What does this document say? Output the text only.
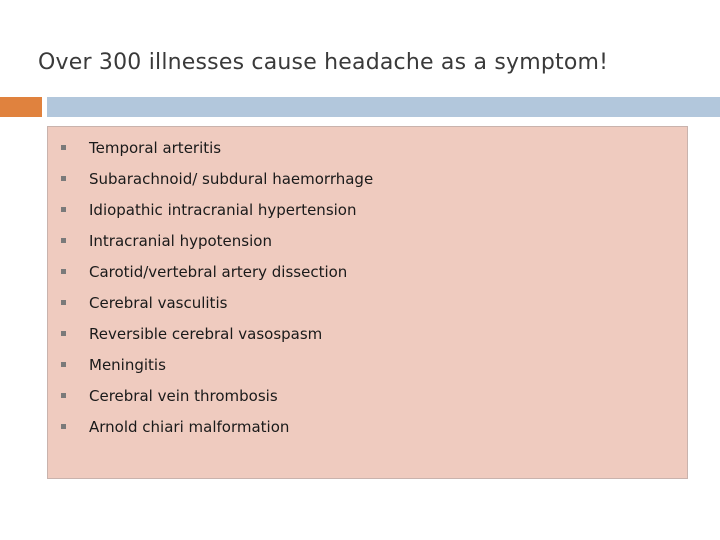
Over 300 illnesses cause headache as a symptom!
Temporal arteritis
Subarachnoid/ subdural haemorrhage
Idiopathic intracranial hypertension
Intracranial hypotension
Carotid/vertebral artery dissection
Cerebral vasculitis
Reversible cerebral vasospasm
Meningitis
Cerebral vein thrombosis
Arnold chiari malformation
